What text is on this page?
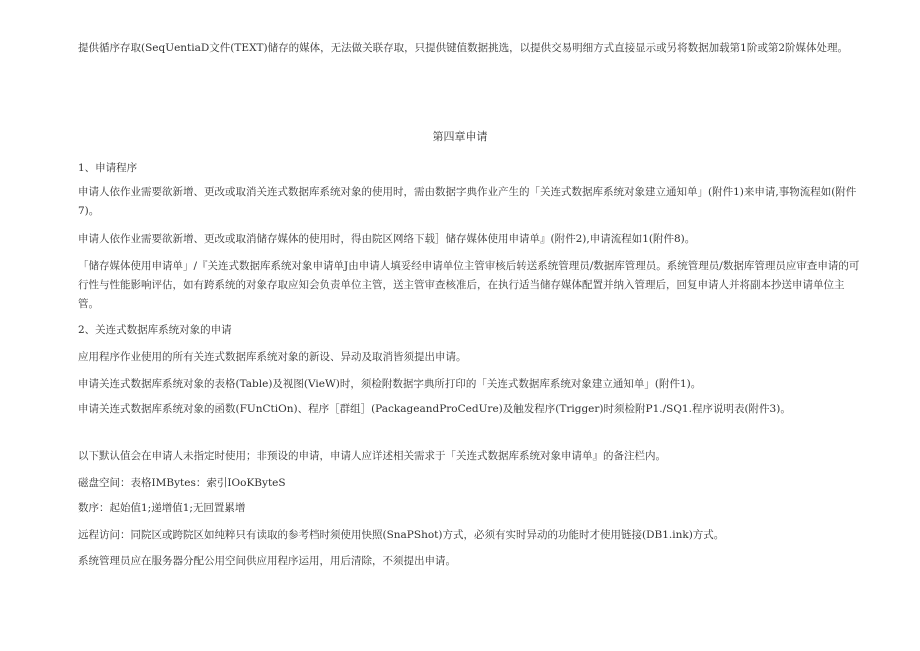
提供循序存取(SeqUentiaD文件(TEXT)储存的媒体，无法做关联存取，只提供键值数据挑选，以提供交易明细方式直接显示或另将数据加载第1阶或第2阶媒体处理。

第四章申请

1、申请程序

申请人依作业需要欲新增、更改或取消关连式数据库系统对象的使用时，需由数据字典作业产生的「关连式数据库系统对象建立通知单」(附件1)来申请,事物流程如(附件7)。

申请人依作业需要欲新增、更改或取消储存媒体的使用时，得由院区网络下载］储存媒体使用申请单』(附件2),申请流程如1(附件8)。

「储存媒体使用申请单」/『关连式数据库系统对象申请单J由申请人填妥经申请单位主管审核后转送系统管理员/数据库管理员。系统管理员/数据库管理员应审查申请的可行性与性能影响评估，如有跨系统的对象存取应知会负责单位主管，送主管审查核准后，在执行适当储存媒体配置并纳入管理后，回复申请人并将副本抄送申请单位主管。

2、关连式数据库系统对象的申请

应用程序作业使用的所有关连式数据库系统对象的新设、异动及取消皆须提出申请。

申请关连式数据库系统对象的表格(Table)及视图(VieW)时，须检附数据字典所打印的「关连式数据库系统对象建立通知单」(附件1)。

申请关连式数据库系统对象的函数(FUnCtiOn)、程序［群组］(PackageandProCedUre)及触发程序(Trigger)时须检附P1./SQ1.程序说明表(附件3)。

以下默认值会在申请人未指定时使用；非预设的申请，申请人应详述相关需求于「关连式数据库系统对象申请单』的备注栏内。

磁盘空间：表格IMBytes：索引IOoKByteS

数序：起始值1;递增值1;无回置累增

远程访问：同院区或跨院区如纯粹只有读取的参考档时须使用快照(SnaPShot)方式，必须有实时异动的功能时才使用链接(DB1.ink)方式。

系统管理员应在服务器分配公用空间供应用程序运用，用后清除，不须提出申请。
